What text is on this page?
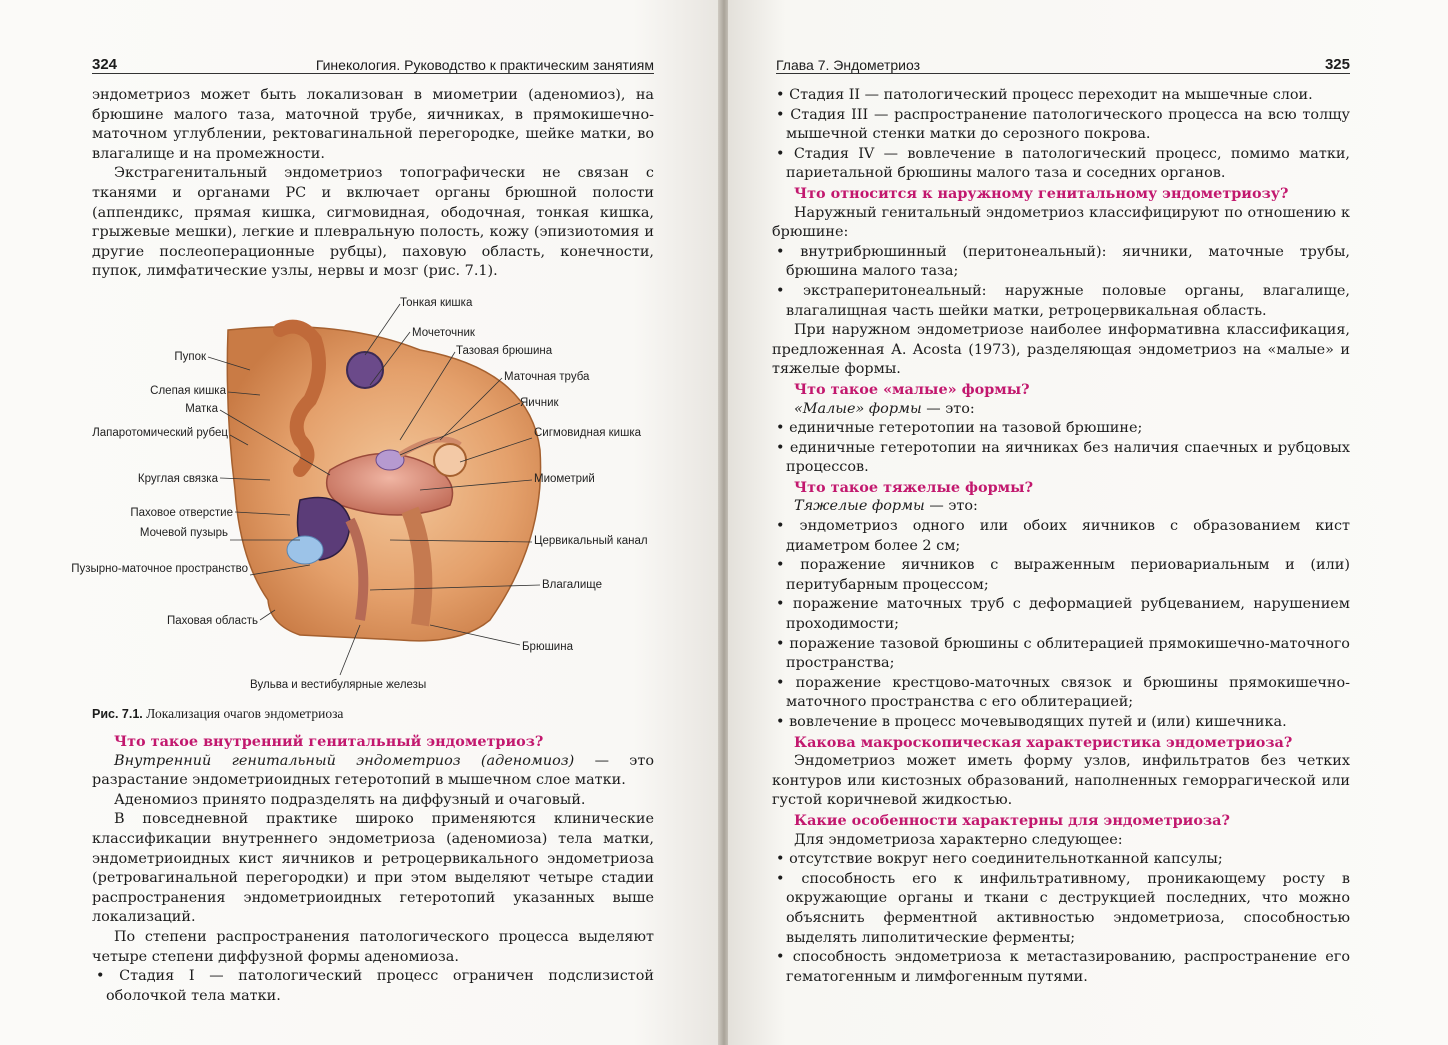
324	Гинекология. Руководство к практическим занятиям

эндометриоз может быть локализован в миометрии (аденомиоз), на брюшине малого таза, маточной трубе, яичниках, в прямокишечно-маточном углублении, ректовагинальной перегородке, шейке матки, во влагалище и на промежности.

Экстрагенитальный эндометриоз топографически не связан с тканями и органами РС и включает органы брюшной полости (аппендикс, прямая кишка, сигмовидная, ободочная, тонкая кишка, грыжевые мешки), легкие и плевральную полость, кожу (эпизиотомия и другие послеоперационные рубцы), паховую область, конечности, пупок, лимфатические узлы, нервы и мозг (рис. 7.1).

Пупок
Слепая кишка
Матка
Лапаротомический рубец
Круглая связка
Паховое отверстие
Мочевой пузырь
Пузырно-маточное пространство
Паховая область
Тонкая кишка
Мочеточник
Тазовая брюшина
Маточная труба
Яичник
Сигмовидная кишка
Миометрий
Цервикальный канал
Влагалище
Брюшина
Вульва и вестибулярные железы
Рис. 7.1. Локализация очагов эндометриоза

Что такое внутренний генитальный эндометриоз?

Внутренний генитальный эндометриоз (аденомиоз) — это разрастание эндометриоидных гетеротопий в мышечном слое матки.

Аденомиоз принято подразделять на диффузный и очаговый.

В повседневной практике широко применяются клинические классификации внутреннего эндометриоза (аденомиоза) тела матки, эндометриоидных кист яичников и ретроцервикального эндометриоза (ретровагинальной перегородки) и при этом выделяют четыре стадии распространения эндометриоидных гетеротопий указанных выше локализаций.

По степени распространения патологического процесса выделяют четыре степени диффузной формы аденомиоза.

• Стадия I — патологический процесс ограничен подслизистой оболочкой тела матки.

Глава 7. Эндометриоз	325

• Стадия II — патологический процесс переходит на мышечные слои.

• Стадия III — распространение патологического процесса на всю толщу мышечной стенки матки до серозного покрова.

• Стадия IV — вовлечение в патологический процесс, помимо матки, париетальной брюшины малого таза и соседних органов.

Что относится к наружному генитальному эндометриозу?

Наружный генитальный эндометриоз классифицируют по отношению к брюшине:

• внутрибрюшинный (перитонеальный): яичники, маточные трубы, брюшина малого таза;

• экстраперитонеальный: наружные половые органы, влагалище, влагалищная часть шейки матки, ретроцервикальная область.

При наружном эндометриозе наиболее информативна классификация, предложенная А. Acosta (1973), разделяющая эндометриоз на «малые» и тяжелые формы.

Что такое «малые» формы?

«Малые» формы — это:

• единичные гетеротопии на тазовой брюшине;

• единичные гетеротопии на яичниках без наличия спаечных и рубцовых процессов.

Что такое тяжелые формы?

Тяжелые формы — это:

• эндометриоз одного или обоих яичников с образованием кист диаметром более 2 см;

• поражение яичников с выраженным периовариальным и (или) перитубарным процессом;

• поражение маточных труб с деформацией рубцеванием, нарушением проходимости;

• поражение тазовой брюшины с облитерацией прямокишечно-маточного пространства;

• поражение крестцово-маточных связок и брюшины прямокишечно-маточного пространства с его облитерацией;

• вовлечение в процесс мочевыводящих путей и (или) кишечника.

Какова макроскопическая характеристика эндометриоза?

Эндометриоз может иметь форму узлов, инфильтратов без четких контуров или кистозных образований, наполненных геморрагической или густой коричневой жидкостью.

Какие особенности характерны для эндометриоза?

Для эндометриоза характерно следующее:

• отсутствие вокруг него соединительнотканной капсулы;

• способность его к инфильтративному, проникающему росту в окружающие органы и ткани с деструкцией последних, что можно объяснить ферментной активностью эндометриоза, способностью выделять липолитические ферменты;

• способность эндометриоза к метастазированию, распространение его гематогенным и лимфогенным путями.
